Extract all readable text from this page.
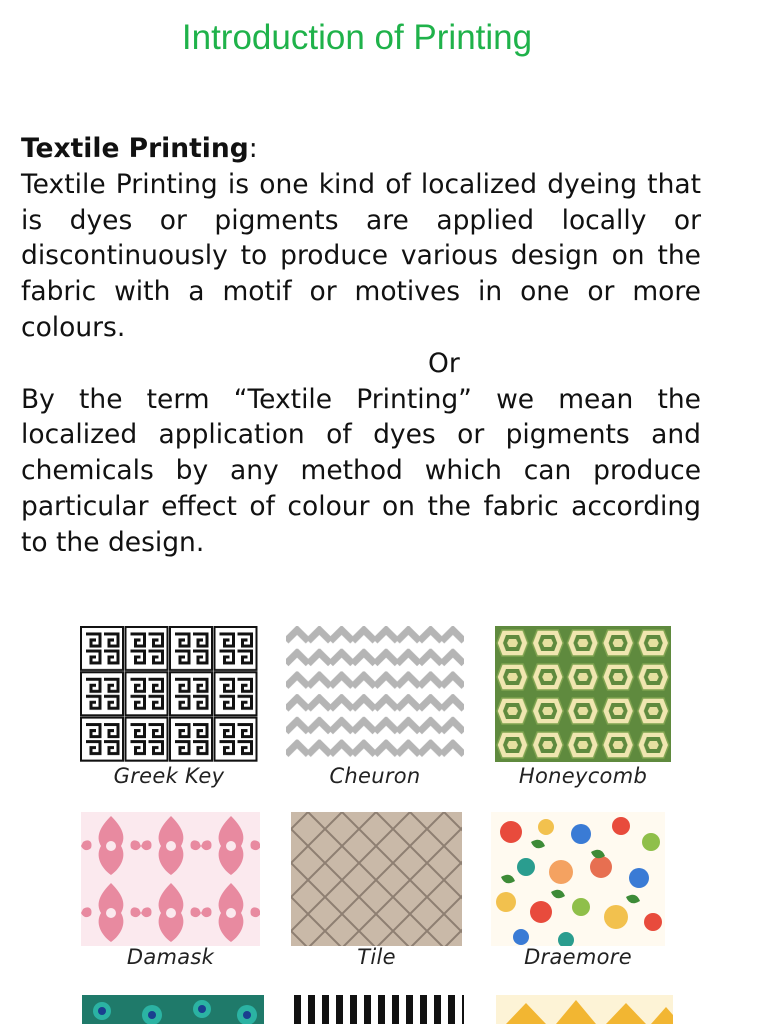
Introduction of Printing

Textile Printing:
Textile Printing is one kind of localized dyeing that is dyes or pigments are applied locally or discontinuously to produce various design on the fabric with a motif or motives in one or more colours.

Or

By the term “Textile Printing” we mean the localized application of dyes or pigments and chemicals by any method which can produce particular effect of colour on the fabric according to the design.

Greek Key	Cheuron	Honeycomb
Damask	Tile	Draemore
